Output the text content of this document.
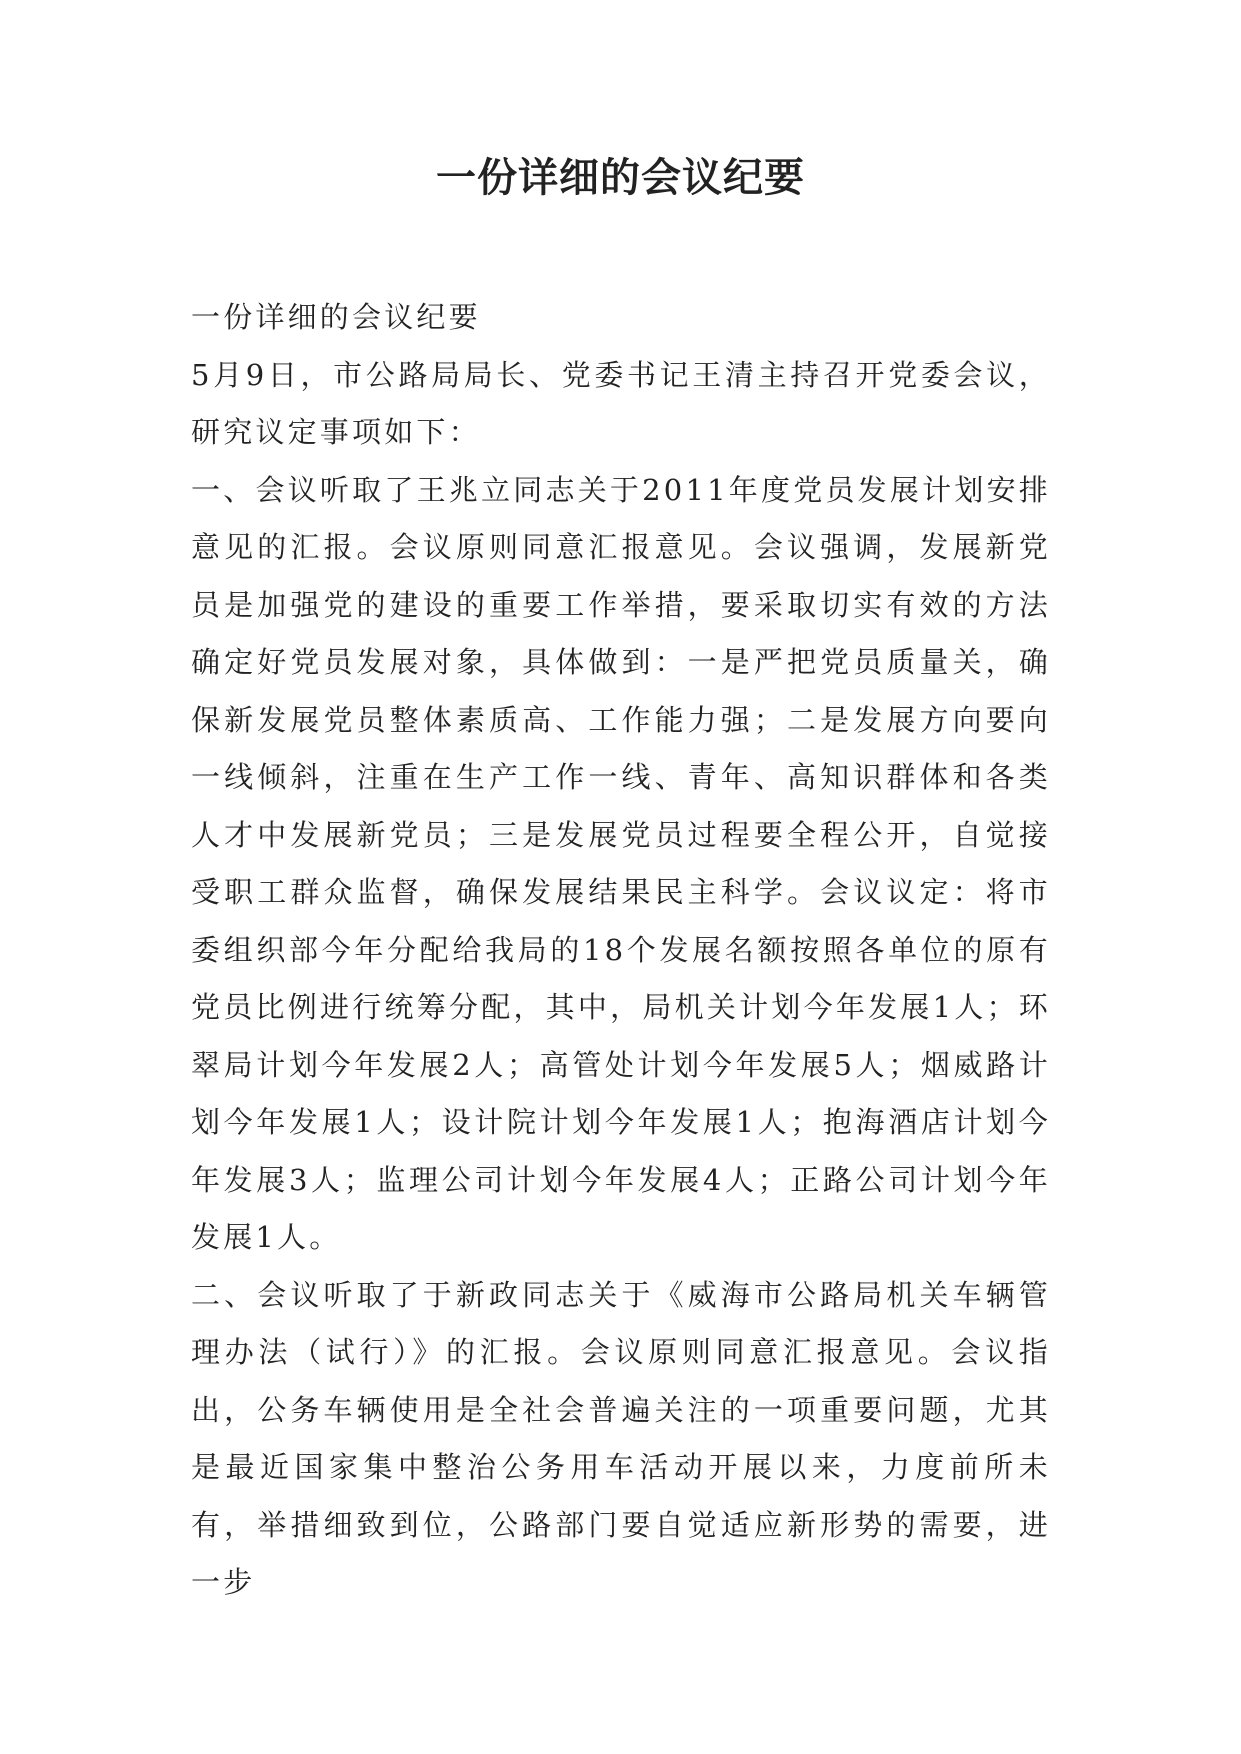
一份详细的会议纪要

一份详细的会议纪要

5月9日，市公路局局长、党委书记王清主持召开党委会议，研究议定事项如下：

一、会议听取了王兆立同志关于2011年度党员发展计划安排意见的汇报。会议原则同意汇报意见。会议强调，发展新党员是加强党的建设的重要工作举措，要采取切实有效的方法确定好党员发展对象，具体做到：一是严把党员质量关，确保新发展党员整体素质高、工作能力强；二是发展方向要向一线倾斜，注重在生产工作一线、青年、高知识群体和各类人才中发展新党员；三是发展党员过程要全程公开，自觉接受职工群众监督，确保发展结果民主科学。会议议定：将市委组织部今年分配给我局的18个发展名额按照各单位的原有党员比例进行统筹分配，其中，局机关计划今年发展1人；环翠局计划今年发展2人；高管处计划今年发展5人；烟威路计划今年发展1人；设计院计划今年发展1人；抱海酒店计划今年发展3人；监理公司计划今年发展4人；正路公司计划今年发展1人。

二、会议听取了于新政同志关于《威海市公路局机关车辆管理办法（试行）》的汇报。会议原则同意汇报意见。会议指出，公务车辆使用是全社会普遍关注的一项重要问题，尤其是最近国家集中整治公务用车活动开展以来，力度前所未有，举措细致到位，公路部门要自觉适应新形势的需要，进一步
